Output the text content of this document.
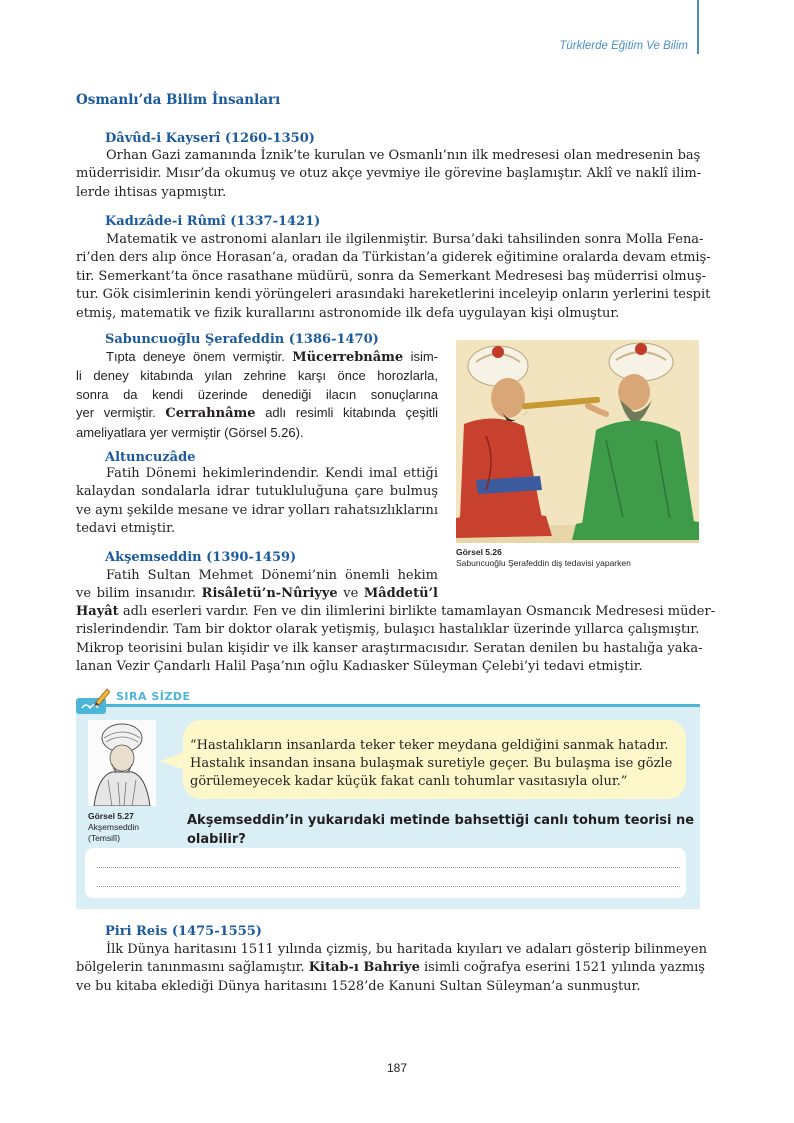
Türklerde Eğitim Ve Bilim
Osmanlı’da Bilim İnsanları
Dâvûd-i Kayserî (1260-1350)
Orhan Gazi zamanında İznik’te kurulan ve Osmanlı’nın ilk medresesi olan medresenin baş
müderrisidir. Mısır’da okumuş ve otuz akçe yevmiye ile görevine başlamıştır. Aklî ve naklî ilim-
lerde ihtisas yapmıştır.
Kadızâde-i Rûmî (1337-1421)
Matematik ve astronomi alanları ile ilgilenmiştir. Bursa’daki tahsilinden sonra Molla Fena-
ri’den ders alıp önce Horasan’a, oradan da Türkistan’a giderek eğitimine oralarda devam etmiş-
tir. Semerkant’ta önce rasathane müdürü, sonra da Semerkant Medresesi baş müderrisi olmuş-
tur. Gök cisimlerinin kendi yörüngeleri arasındaki hareketlerini inceleyip onların yerlerini tespit
etmiş, matematik ve fizik kurallarını astronomide ilk defa uygulayan kişi olmuştur.
Sabuncuoğlu Şerafeddin (1386-1470)
Tıpta deneye önem vermiştir. Mücerrebnâme isim-
li deney kitabında yılan zehrine karşı önce horozlarla,
sonra da kendi üzerinde denediği ilacın sonuçlarına
yer vermiştir. Cerrahnâme adlı resimli kitabında çeşitli
ameliyatlara yer vermiştir (Görsel 5.26).
Altuncuzâde
Fatih Dönemi hekimlerindendir. Kendi imal ettiği
kalaydan sondalarla idrar tutukluluğuna çare bulmuş
ve aynı şekilde mesane ve idrar yolları rahatsızlıklarını
tedavi etmiştir.
Görsel 5.26
Sabuncuoğlu Şerafeddin diş tedavisi yaparken
Akşemseddin (1390-1459)
Fatih Sultan Mehmet Dönemi’nin önemli hekim
ve bilim insanıdır. Risâletü’n-Nûriyye ve Mâddetü’l
Hayât adlı eserleri vardır. Fen ve din ilimlerini birlikte tamamlayan Osmancık Medresesi müder-
rislerindendir. Tam bir doktor olarak yetişmiş, bulaşıcı hastalıklar üzerinde yıllarca çalışmıştır.
Mikrop teorisini bulan kişidir ve ilk kanser araştırmacısıdır. Seratan denilen bu hastalığa yaka-
lanan Vezir Çandarlı Halil Paşa’nın oğlu Kadıasker Süleyman Çelebi’yi tedavi etmiştir.
SIRA SİZDE
Görsel 5.27
Akşemseddin
(Temsilî)
“Hastalıkların insanlarda teker teker meydana geldiğini sanmak hatadır.
Hastalık insandan insana bulaşmak suretiyle geçer. Bu bulaşma ise gözle
görülemeyecek kadar küçük fakat canlı tohumlar vasıtasıyla olur.”
Akşemseddin’in yukarıdaki metinde bahsettiği canlı tohum teorisi ne
olabilir?
Piri Reis (1475-1555)
İlk Dünya haritasını 1511 yılında çizmiş, bu haritada kıyıları ve adaları gösterip bilinmeyen
bölgelerin tanınmasını sağlamıştır. Kitab-ı Bahriye isimli coğrafya eserini 1521 yılında yazmış
ve bu kitaba eklediği Dünya haritasını 1528’de Kanuni Sultan Süleyman’a sunmuştur.
187
